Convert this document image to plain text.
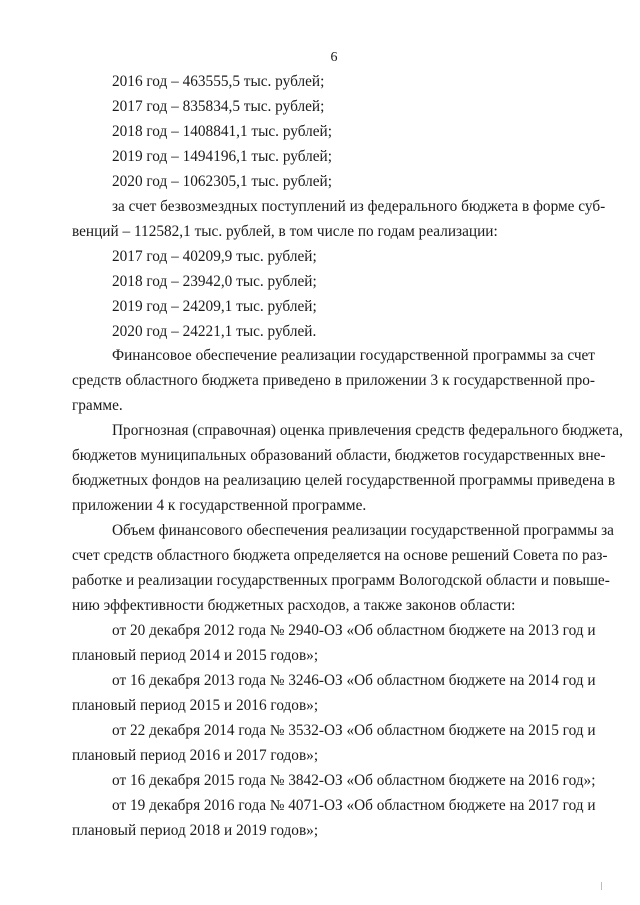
6
2016 год – 463555,5 тыс. рублей;
2017 год – 835834,5 тыс. рублей;
2018 год – 1408841,1 тыс. рублей;
2019 год – 1494196,1 тыс. рублей;
2020 год – 1062305,1 тыс. рублей;
за счет безвозмездных поступлений из федерального бюджета в форме суб-
венций – 112582,1 тыс. рублей, в том числе по годам реализации:
2017 год – 40209,9 тыс. рублей;
2018 год – 23942,0 тыс. рублей;
2019 год – 24209,1 тыс. рублей;
2020 год – 24221,1 тыс. рублей.
Финансовое обеспечение реализации государственной программы за счет
средств областного бюджета приведено в приложении 3 к государственной про-
грамме.
Прогнозная (справочная) оценка привлечения средств федерального бюджета,
бюджетов муниципальных образований области, бюджетов государственных вне-
бюджетных фондов на реализацию целей государственной программы приведена в
приложении 4 к государственной программе.
Объем финансового обеспечения реализации государственной программы за
счет средств областного бюджета определяется на основе решений Совета по раз-
работке и реализации государственных программ Вологодской области и повыше-
нию эффективности бюджетных расходов, а также законов области:
от 20 декабря 2012 года № 2940-ОЗ «Об областном бюджете на 2013 год и
плановый период 2014 и 2015 годов»;
от 16 декабря 2013 года № 3246-ОЗ «Об областном бюджете на 2014 год и
плановый период 2015 и 2016 годов»;
от 22 декабря 2014 года № 3532-ОЗ «Об областном бюджете на 2015 год и
плановый период 2016 и 2017 годов»;
от 16 декабря 2015 года № 3842-ОЗ «Об областном бюджете на 2016 год»;
от 19 декабря 2016 года № 4071-ОЗ «Об областном бюджете на 2017 год и
плановый период 2018 и 2019 годов»;
